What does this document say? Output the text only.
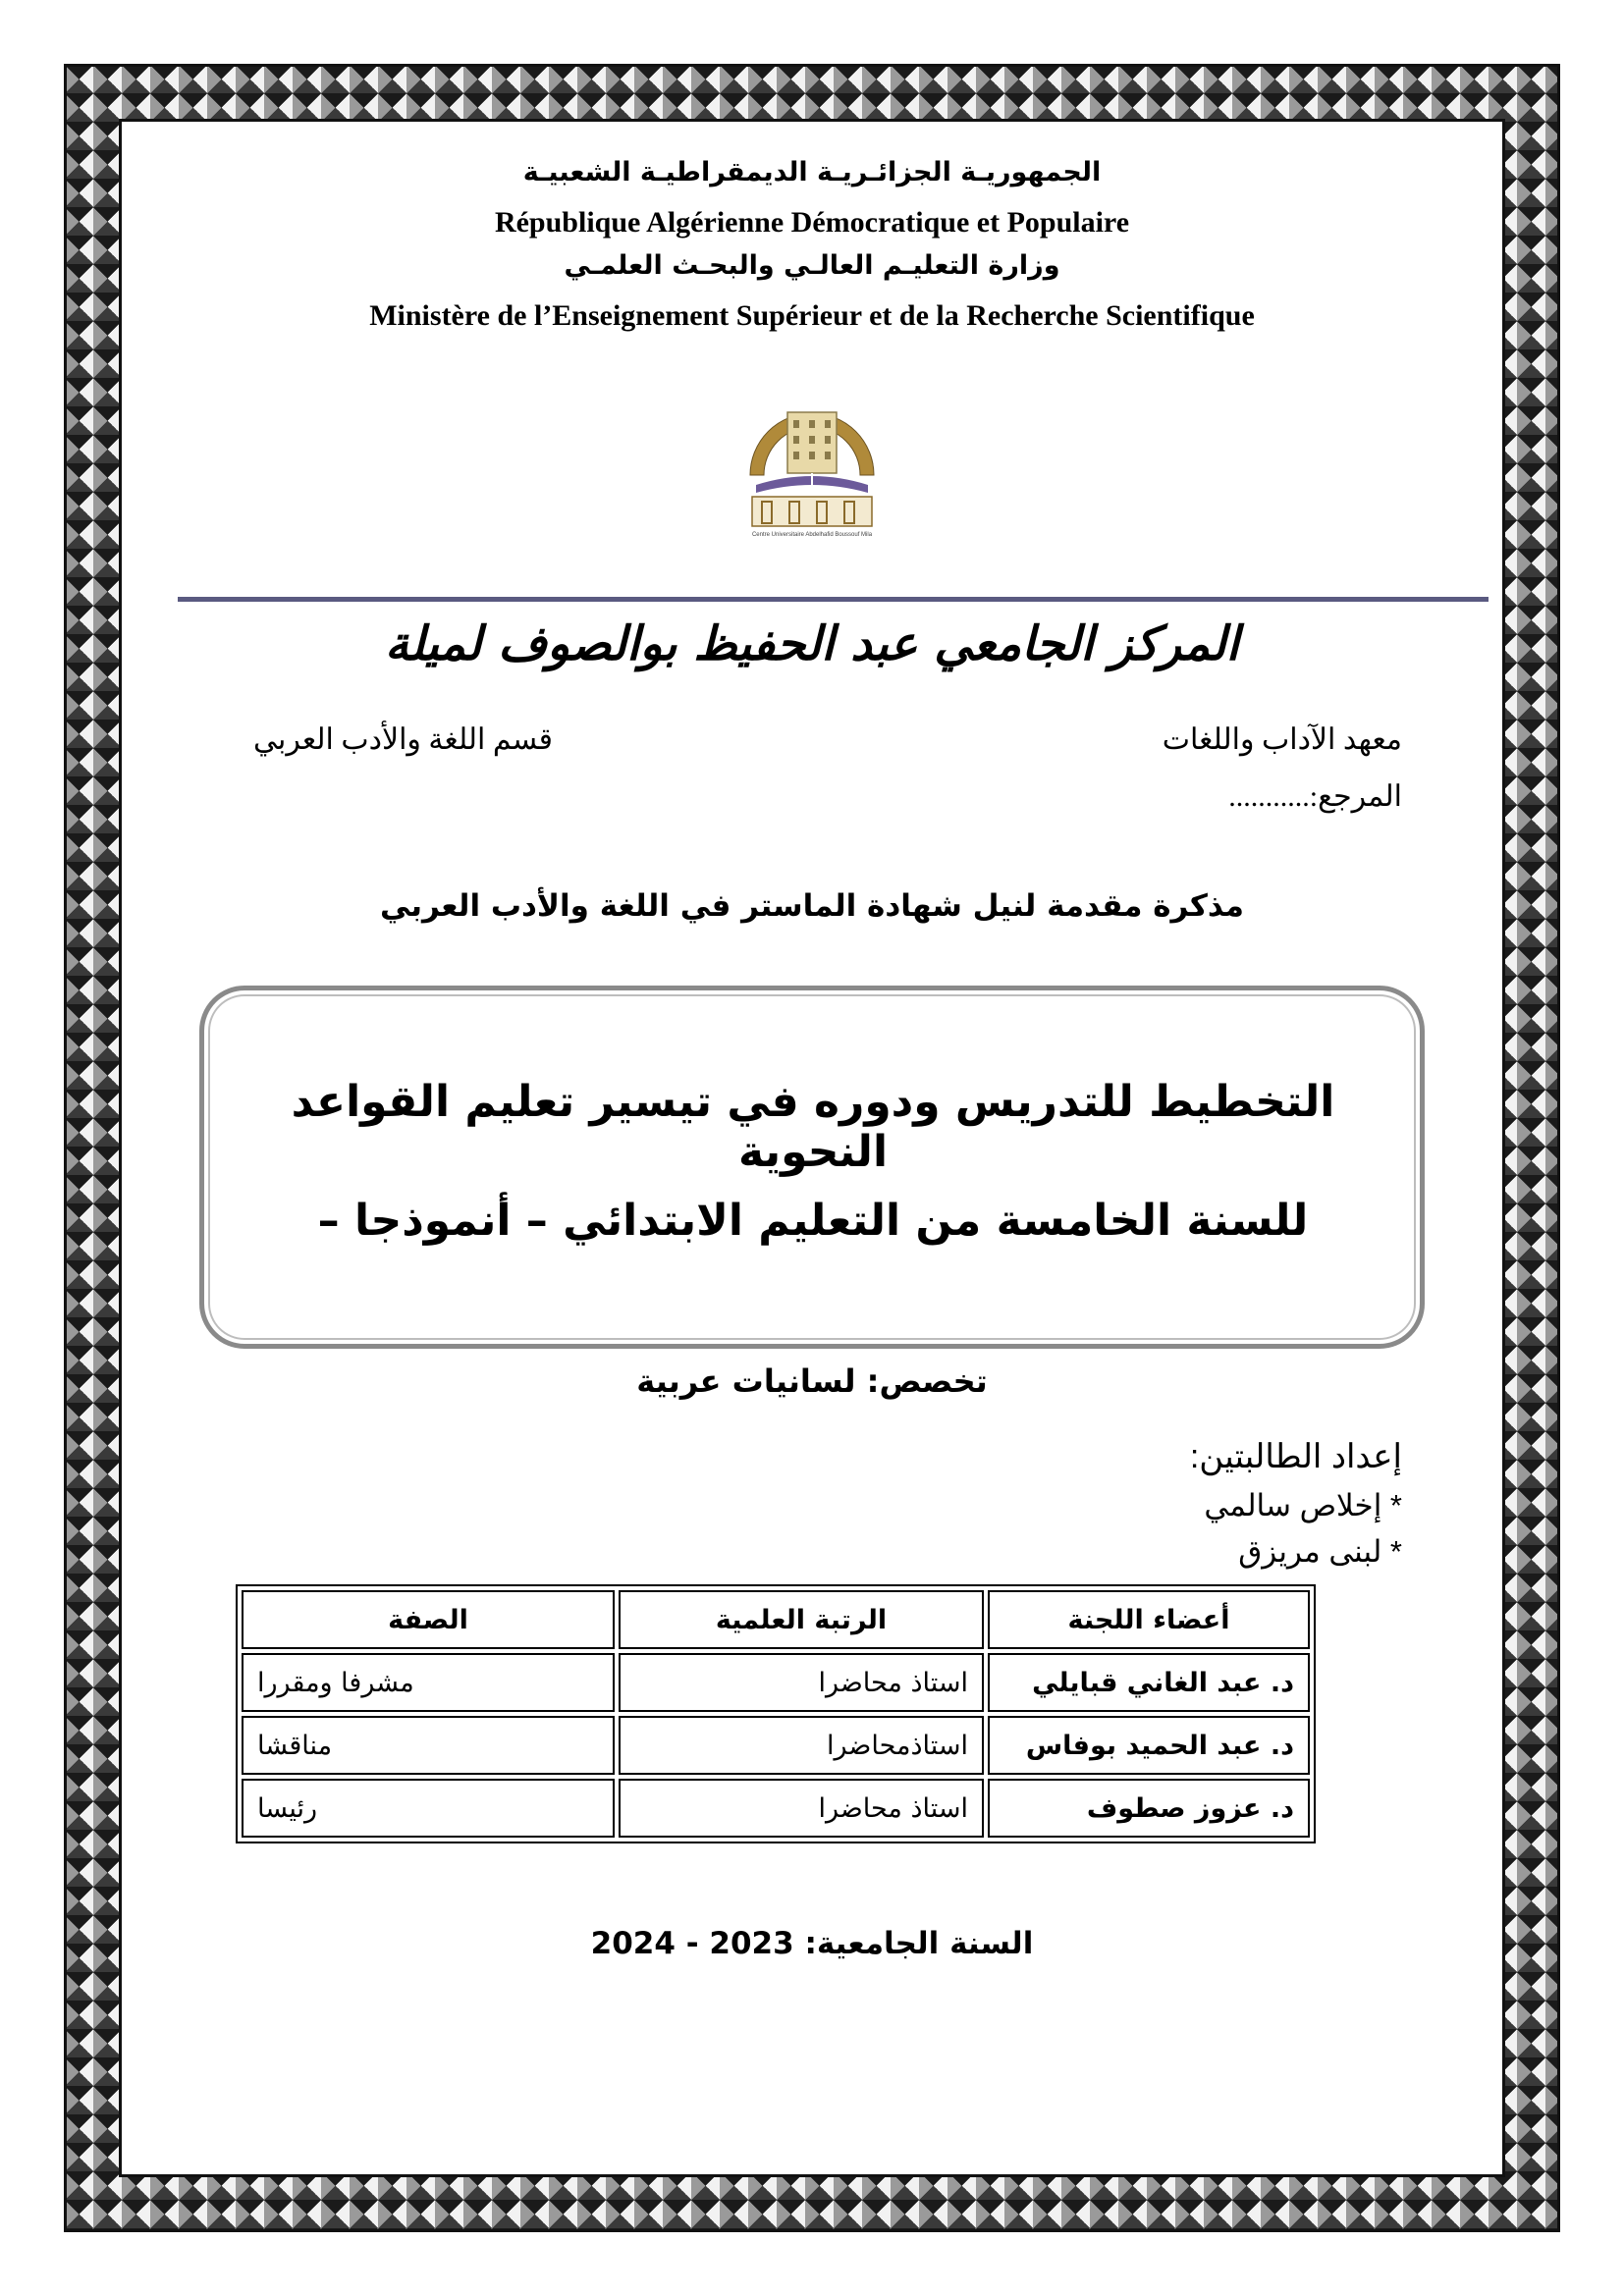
الجمهوريـة الجزائـريـة الديمقراطيـة الشعبيـة
République Algérienne Démocratique et Populaire
وزارة التعليـم العالـي والبحـث العلمـي
Ministère de l’Enseignement Supérieur et de la Recherche Scientifique
Centre Universitaire Abdelhafid Boussouf Mila
المركز الجامعي عبد الحفيظ بوالصوف لميلة
معهد الآداب واللغات
قسم اللغة والأدب العربي
المرجع:...........
مذكرة مقدمة لنيل شهادة الماستر في اللغة والأدب العربي
التخطيط للتدريس ودوره في تيسير تعليم القواعد النحوية
للسنة الخامسة من التعليم الابتدائي – أنموذجا –
تخصص: لسانيات عربية
إعداد الطالبتين:
* إخلاص سالمي
* لبنى مريزق
أعضاء اللجنة	الرتبة العلمية	الصفة
د. عبد الغاني قبايلي	استاذ محاضرا	مشرفا ومقررا
د. عبد الحميد بوفاس	استاذمحاضرا	مناقشا
د. عزوز صطوف	استاذ محاضرا	رئيسا
السنة الجامعية: 2023 - 2024
